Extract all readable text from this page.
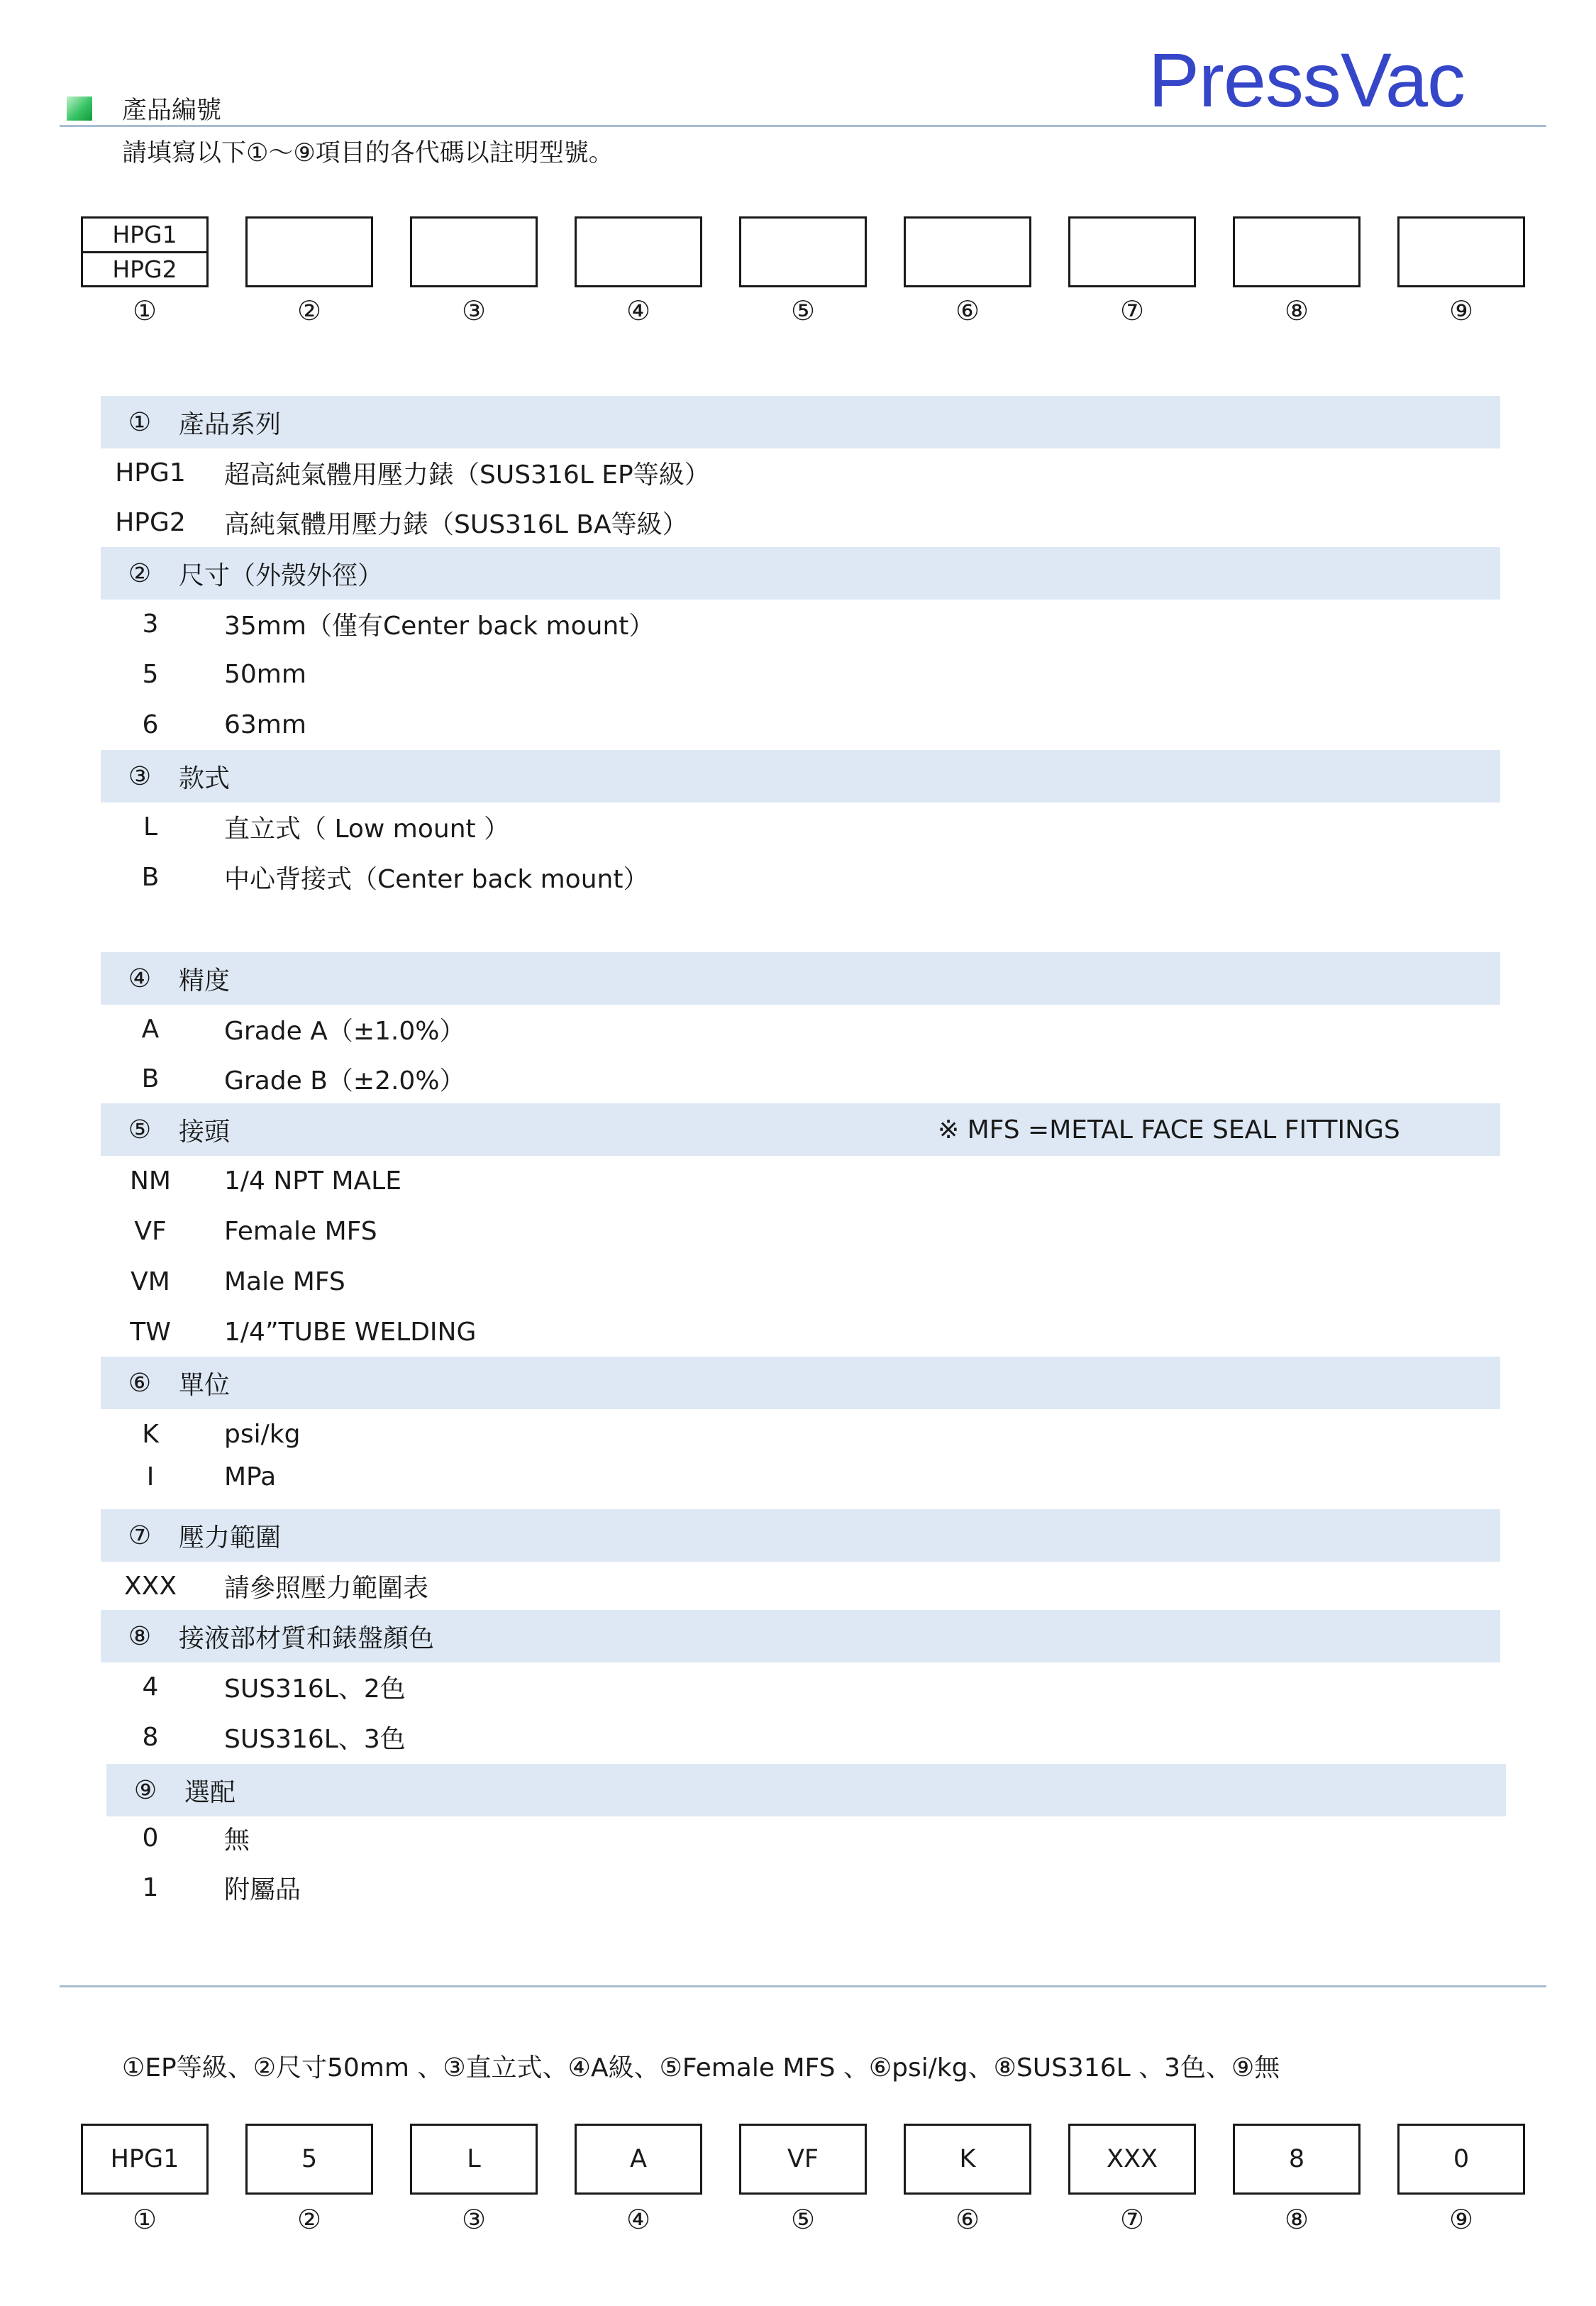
PressVac
產品編號
請填寫以下①～⑨項目的各代碼以註明型號。
HPG1
HPG2
①	②	③	④	⑤	⑥	⑦	⑧	⑨
①	產品系列
HPG1	超高純氣體用壓力錶（SUS316L EP等級）
HPG2	高純氣體用壓力錶（SUS316L BA等級）
②	尺寸（外殼外徑）
3	35mm（僅有Center back mount）
5	50mm
6	63mm
③	款式
L	直立式（ Low mount ）
B	中心背接式（Center back mount）
④	精度
A	Grade A（±1.0%）
B	Grade B（±2.0%）
⑤	接頭	※ MFS =METAL FACE SEAL FITTINGS
NM	1/4 NPT MALE
VF	Female MFS
VM	Male MFS
TW	1/4”TUBE WELDING
⑥	單位
K	psi/kg
I	MPa
⑦	壓力範圍
XXX	請參照壓力範圍表
⑧	接液部材質和錶盤顏色
4	SUS316L、2色
8	SUS316L、3色
⑨	選配
0	無
1	附屬品
①EP等級、②尺寸50mm 、③直立式、④A級、⑤Female MFS 、⑥psi/kg、⑧SUS316L 、3色、⑨無
HPG1	5	L	A	VF	K	XXX	8	0
①	②	③	④	⑤	⑥	⑦	⑧	⑨
